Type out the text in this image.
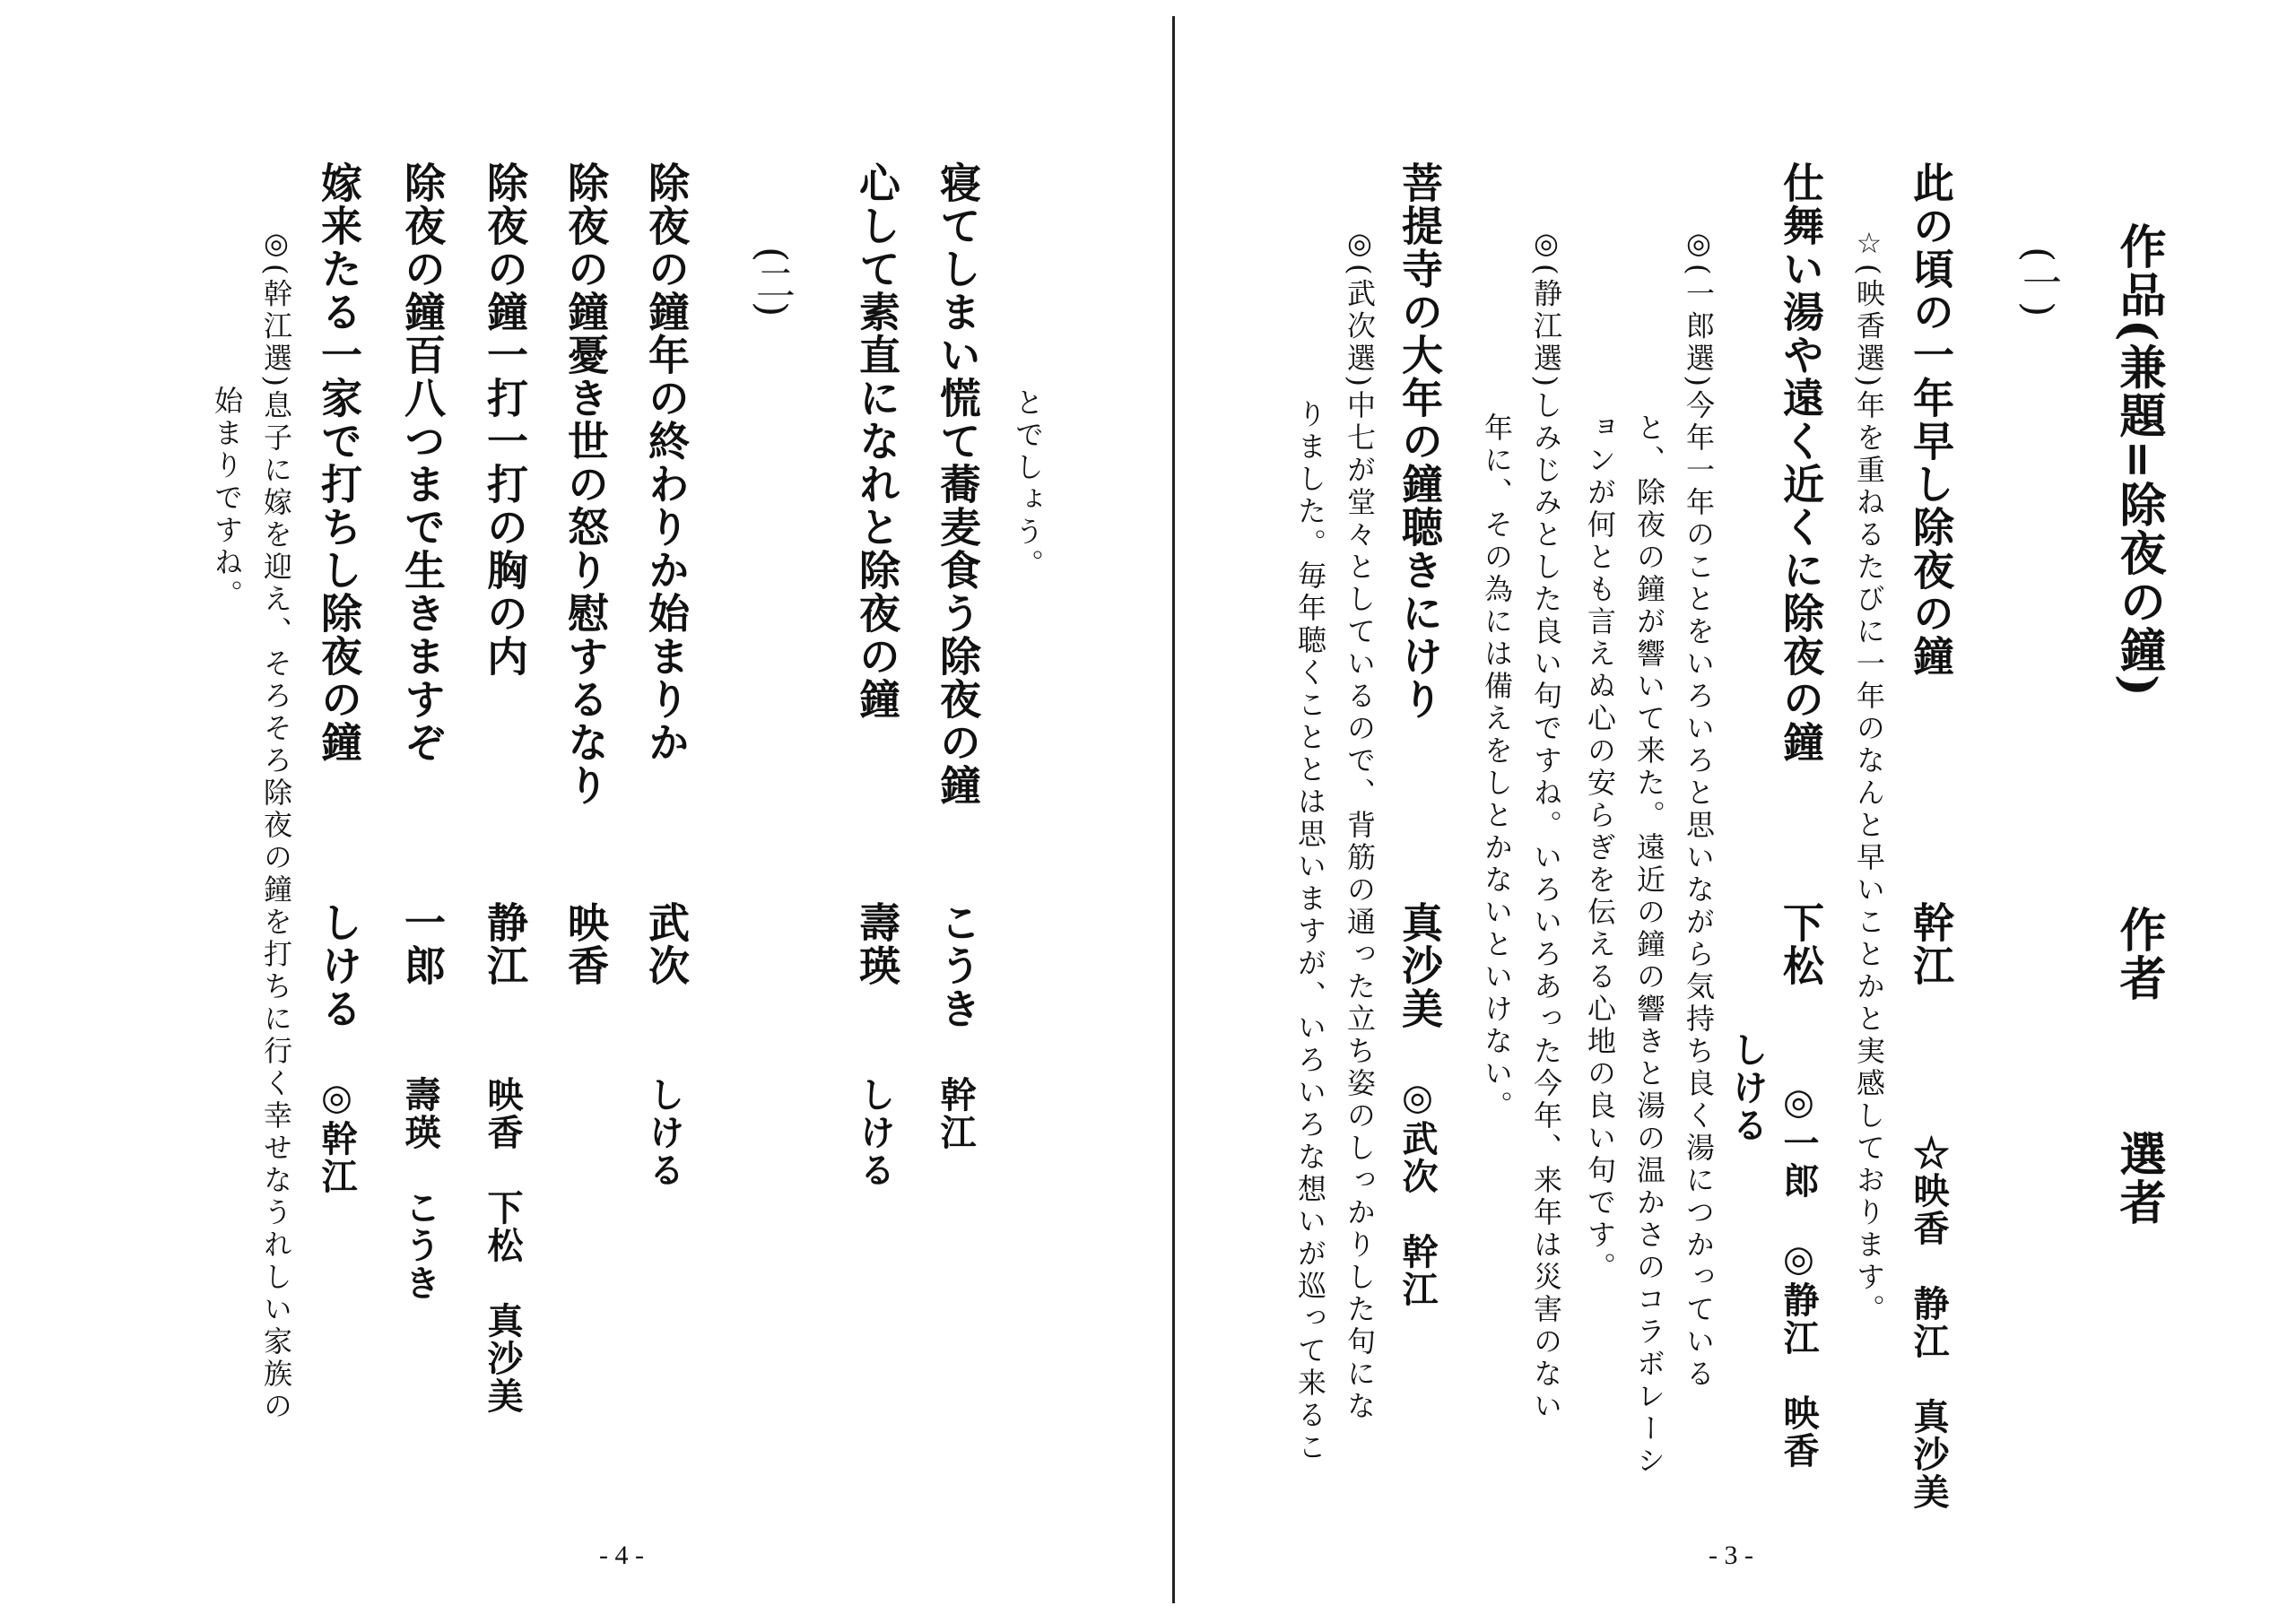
作品(兼題=除夜の鐘)
作者
選者
(一)
此の頃の一年早し除夜の鐘
幹江
☆映香　静江　真沙美
☆(映香選)年を重ねるたびに一年のなんと早いことかと実感しております。
仕舞い湯や遠く近くに除夜の鐘
下松
◎一郎　◎静江　映香
しける
◎(一郎選)今年一年のことをいろいろと思いながら気持ち良く湯につかっている
と、除夜の鐘が響いて来た。遠近の鐘の響きと湯の温かさのコラボレーシ
ョンが何とも言えぬ心の安らぎを伝える心地の良い句です。
◎(静江選)しみじみとした良い句ですね。いろいろあった今年、来年は災害のない
年に、その為には備えをしとかないといけない。
菩提寺の大年の鐘聴きにけり
真沙美
◎武次　幹江
◎(武次選)中七が堂々としているので、背筋の通った立ち姿のしっかりした句にな
りました。毎年聴くこととは思いますが、いろいろな想いが巡って来るこ
- 3 -
とでしょう。
寝てしまい慌て蕎麦食う除夜の鐘
こうき
幹江
心して素直になれと除夜の鐘
壽瑛
しける
(二)
除夜の鐘年の終わりか始まりか
武次
しける
除夜の鐘憂き世の怒り慰するなり
映香
除夜の鐘一打一打の胸の内
静江
映香　下松　真沙美
除夜の鐘百八つまで生きますぞ
一郎
壽瑛　こうき
嫁来たる一家で打ちし除夜の鐘
しける
◎幹江
◎(幹江選)息子に嫁を迎え、そろそろ除夜の鐘を打ちに行く幸せなうれしい家族の
始まりですね。
- 4 -
